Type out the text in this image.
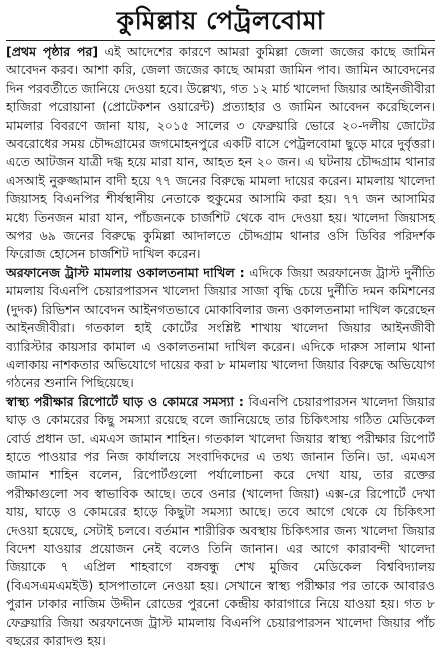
কুমিল্লায় পেট্রলবোমা

[প্রথম পৃষ্ঠার পর] এই আদেশের কারণে আমরা কুমিল্লা জেলা জজের কাছে জামিন আবেদন করব। আশা করি, জেলা জজের কাছে আমরা জামিন পাব। জামিন আবেদনের দিন পরবর্তীতে জানিয়ে দেওয়া হবে। উল্লেখ্য, গত ১২ মার্চ খালেদা জিয়ার আইনজীবীরা হাজিরা পরোয়ানা (প্রোটেকশন ওয়ারেন্ট) প্রত্যাহার ও জামিন আবেদন করেছিলেন। মামলার বিবরণে জানা যায়, ২০১৫ সালের ৩ ফেব্রুয়ারি ভোরে ২০-দলীয় জোটের অবরোধের সময় চৌদ্দগ্রামের জগমোহনপুরে একটি বাসে পেট্রলবোমা ছুড়ে মারে দুর্বৃত্তরা। এতে আটজন যাত্রী দগ্ধ হয়ে মারা যান, আহত হন ২০ জন। এ ঘটনায় চৌদ্দগ্রাম থানার এসআই নুরুজ্জামান বাদী হয়ে ৭৭ জনের বিরুদ্ধে মামলা দায়ের করেন। মামলায় খালেদা জিয়াসহ বিএনপির শীর্ষস্থানীয় নেতাকে হুকুমের আসামি করা হয়। ৭৭ জন আসামির মধ্যে তিনজন মারা যান, পাঁচজনকে চার্জশিট থেকে বাদ দেওয়া হয়। খালেদা জিয়াসহ অপর ৬৯ জনের বিরুদ্ধে কুমিল্লা আদালতে চৌদ্দগ্রাম থানার ওসি ডিবির পরিদর্শক ফিরোজ হোসেন চার্জশিট দাখিল করেন।

অরফানেজ ট্রাস্ট মামলায় ওকালতনামা দাখিল : এদিকে জিয়া অরফানেজ ট্রাস্ট দুর্নীতি মামলায় বিএনপি চেয়ারপারসন খালেদা জিয়ার সাজা বৃদ্ধি চেয়ে দুর্নীতি দমন কমিশনের (দুদক) রিভিশন আবেদন আইনগতভাবে মোকাবিলার জন্য ওকালতনামা দাখিল করেছেন আইনজীবীরা। গতকাল হাই কোর্টের সংশ্লিষ্ট শাখায় খালেদা জিয়ার আইনজীবী ব্যারিস্টার কায়সার কামাল এ ওকালতনামা দাখিল করেন। এদিকে দারুস সালাম থানা এলাকায় নাশকতার অভিযোগে দায়ের করা ৮ মামলায় খালেদা জিয়ার বিরুদ্ধে অভিযোগ গঠনের শুনানি পিছিয়েছে।

স্বাস্থ্য পরীক্ষার রিপোর্টে ঘাড় ও কোমরে সমস্যা : বিএনপি চেয়ারপারসন খালেদা জিয়ার ঘাড় ও কোমরের কিছু সমস্যা রয়েছে বলে জানিয়েছে তার চিকিৎসায় গঠিত মেডিকেল বোর্ড প্রধান ডা. এমএস জামান শাহিন। গতকাল খালেদা জিয়ার স্বাস্থ্য পরীক্ষার রিপোর্ট হাতে পাওয়ার পর নিজ কার্যালয়ে সংবাদিকদের এ তথ্য জানান তিনি। ডা. এমএস জামান শাহিন বলেন, রিপোর্টগুলো পর্যালোচনা করে দেখা যায়, তার রক্তের পরীক্ষাগুলো সব স্বাভাবিক আছে। তবে ওনার (খালেদা জিয়া) এক্স-রে রিপোর্টে দেখা যায়, ঘাড়ে ও কোমরের হাড়ে কিছুটা সমস্যা আছে। তবে আগে থেকে যে চিকিৎসা দেওয়া হয়েছে, সেটাই চলবে। বর্তমান শারীরিক অবস্থায় চিকিৎসার জন্য খালেদা জিয়ার বিদেশ যাওয়ার প্রয়োজন নেই বলেও তিনি জানান। এর আগে কারাবন্দী খালেদা জিয়াকে ৭ এপ্রিল শাহবাগে বঙ্গবন্ধু শেখ মুজিব মেডিকেল বিশ্ববিদ্যালয় (বিএসএমএমইউ) হাসপাতালে নেওয়া হয়। সেখানে স্বাস্থ্য পরীক্ষার পর তাকে আবারও পুরান ঢাকার নাজিম উদ্দীন রোডের পুরনো কেন্দ্রীয় কারাগারে নিয়ে যাওয়া হয়। গত ৮ ফেব্রুয়ারি জিয়া অরফানেজ ট্রাস্ট মামলায় বিএনপি চেয়ারপারসন খালেদা জিয়ার পাঁচ বছরের কারাদণ্ড হয়।
